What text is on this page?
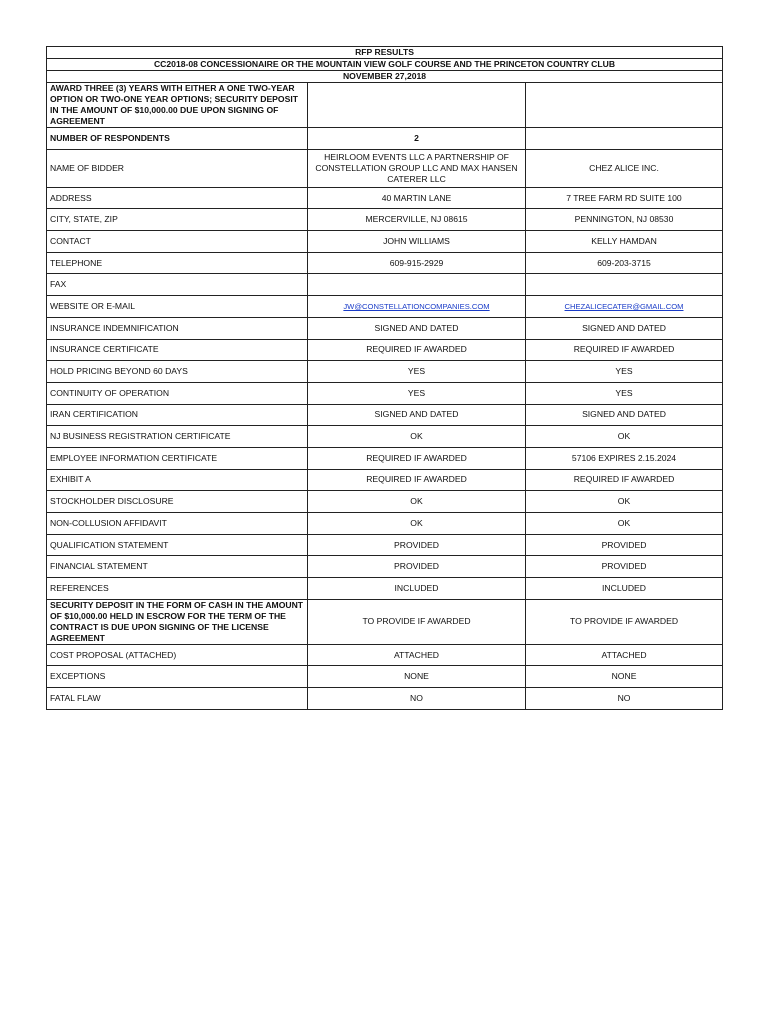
RFP RESULTS		
CC2018-08 CONCESSIONAIRE OR THE MOUNTAIN VIEW GOLF COURSE AND THE PRINCETON COUNTRY CLUB		
NOVEMBER 27,2018		
AWARD THREE (3) YEARS WITH EITHER A ONE TWO-YEAR OPTION OR TWO-ONE YEAR OPTIONS; SECURITY DEPOSIT IN THE AMOUNT OF $10,000.00 DUE UPON SIGNING OF AGREEMENT		
NUMBER OF RESPONDENTS	2	
NAME OF BIDDER	HEIRLOOM EVENTS LLC A PARTNERSHIP OF CONSTELLATION GROUP LLC AND MAX HANSEN CATERER LLC	CHEZ ALICE INC.
ADDRESS	40 MARTIN LANE	7 TREE FARM RD SUITE 100
CITY, STATE, ZIP	MERCERVILLE, NJ 08615	PENNINGTON, NJ 08530
CONTACT	JOHN WILLIAMS	KELLY HAMDAN
TELEPHONE	609-915-2929	609-203-3715
FAX		
WEBSITE OR E-MAIL	JW@CONSTELLATIONCOMPANIES.COM	CHEZALICECATER@GMAIL.COM
INSURANCE INDEMNIFICATION	SIGNED AND DATED	SIGNED AND DATED
INSURANCE CERTIFICATE	REQUIRED IF AWARDED	REQUIRED IF AWARDED
HOLD PRICING BEYOND 60 DAYS	YES	YES
CONTINUITY OF OPERATION	YES	YES
IRAN CERTIFICATION	SIGNED AND DATED	SIGNED AND DATED
NJ BUSINESS REGISTRATION CERTIFICATE	OK	OK
EMPLOYEE INFORMATION CERTIFICATE	REQUIRED IF AWARDED	57106 EXPIRES 2.15.2024
EXHIBIT A	REQUIRED IF AWARDED	REQUIRED IF AWARDED
STOCKHOLDER DISCLOSURE	OK	OK
NON-COLLUSION AFFIDAVIT	OK	OK
QUALIFICATION STATEMENT	PROVIDED	PROVIDED
FINANCIAL STATEMENT	PROVIDED	PROVIDED
REFERENCES	INCLUDED	INCLUDED
SECURITY DEPOSIT IN THE FORM OF CASH IN THE AMOUNT OF $10,000.00 HELD IN ESCROW FOR THE TERM OF THE CONTRACT IS DUE UPON SIGNING OF THE LICENSE AGREEMENT	TO PROVIDE IF AWARDED	TO PROVIDE IF AWARDED
COST PROPOSAL (ATTACHED)	ATTACHED	ATTACHED
EXCEPTIONS	NONE	NONE
FATAL FLAW	NO	NO
